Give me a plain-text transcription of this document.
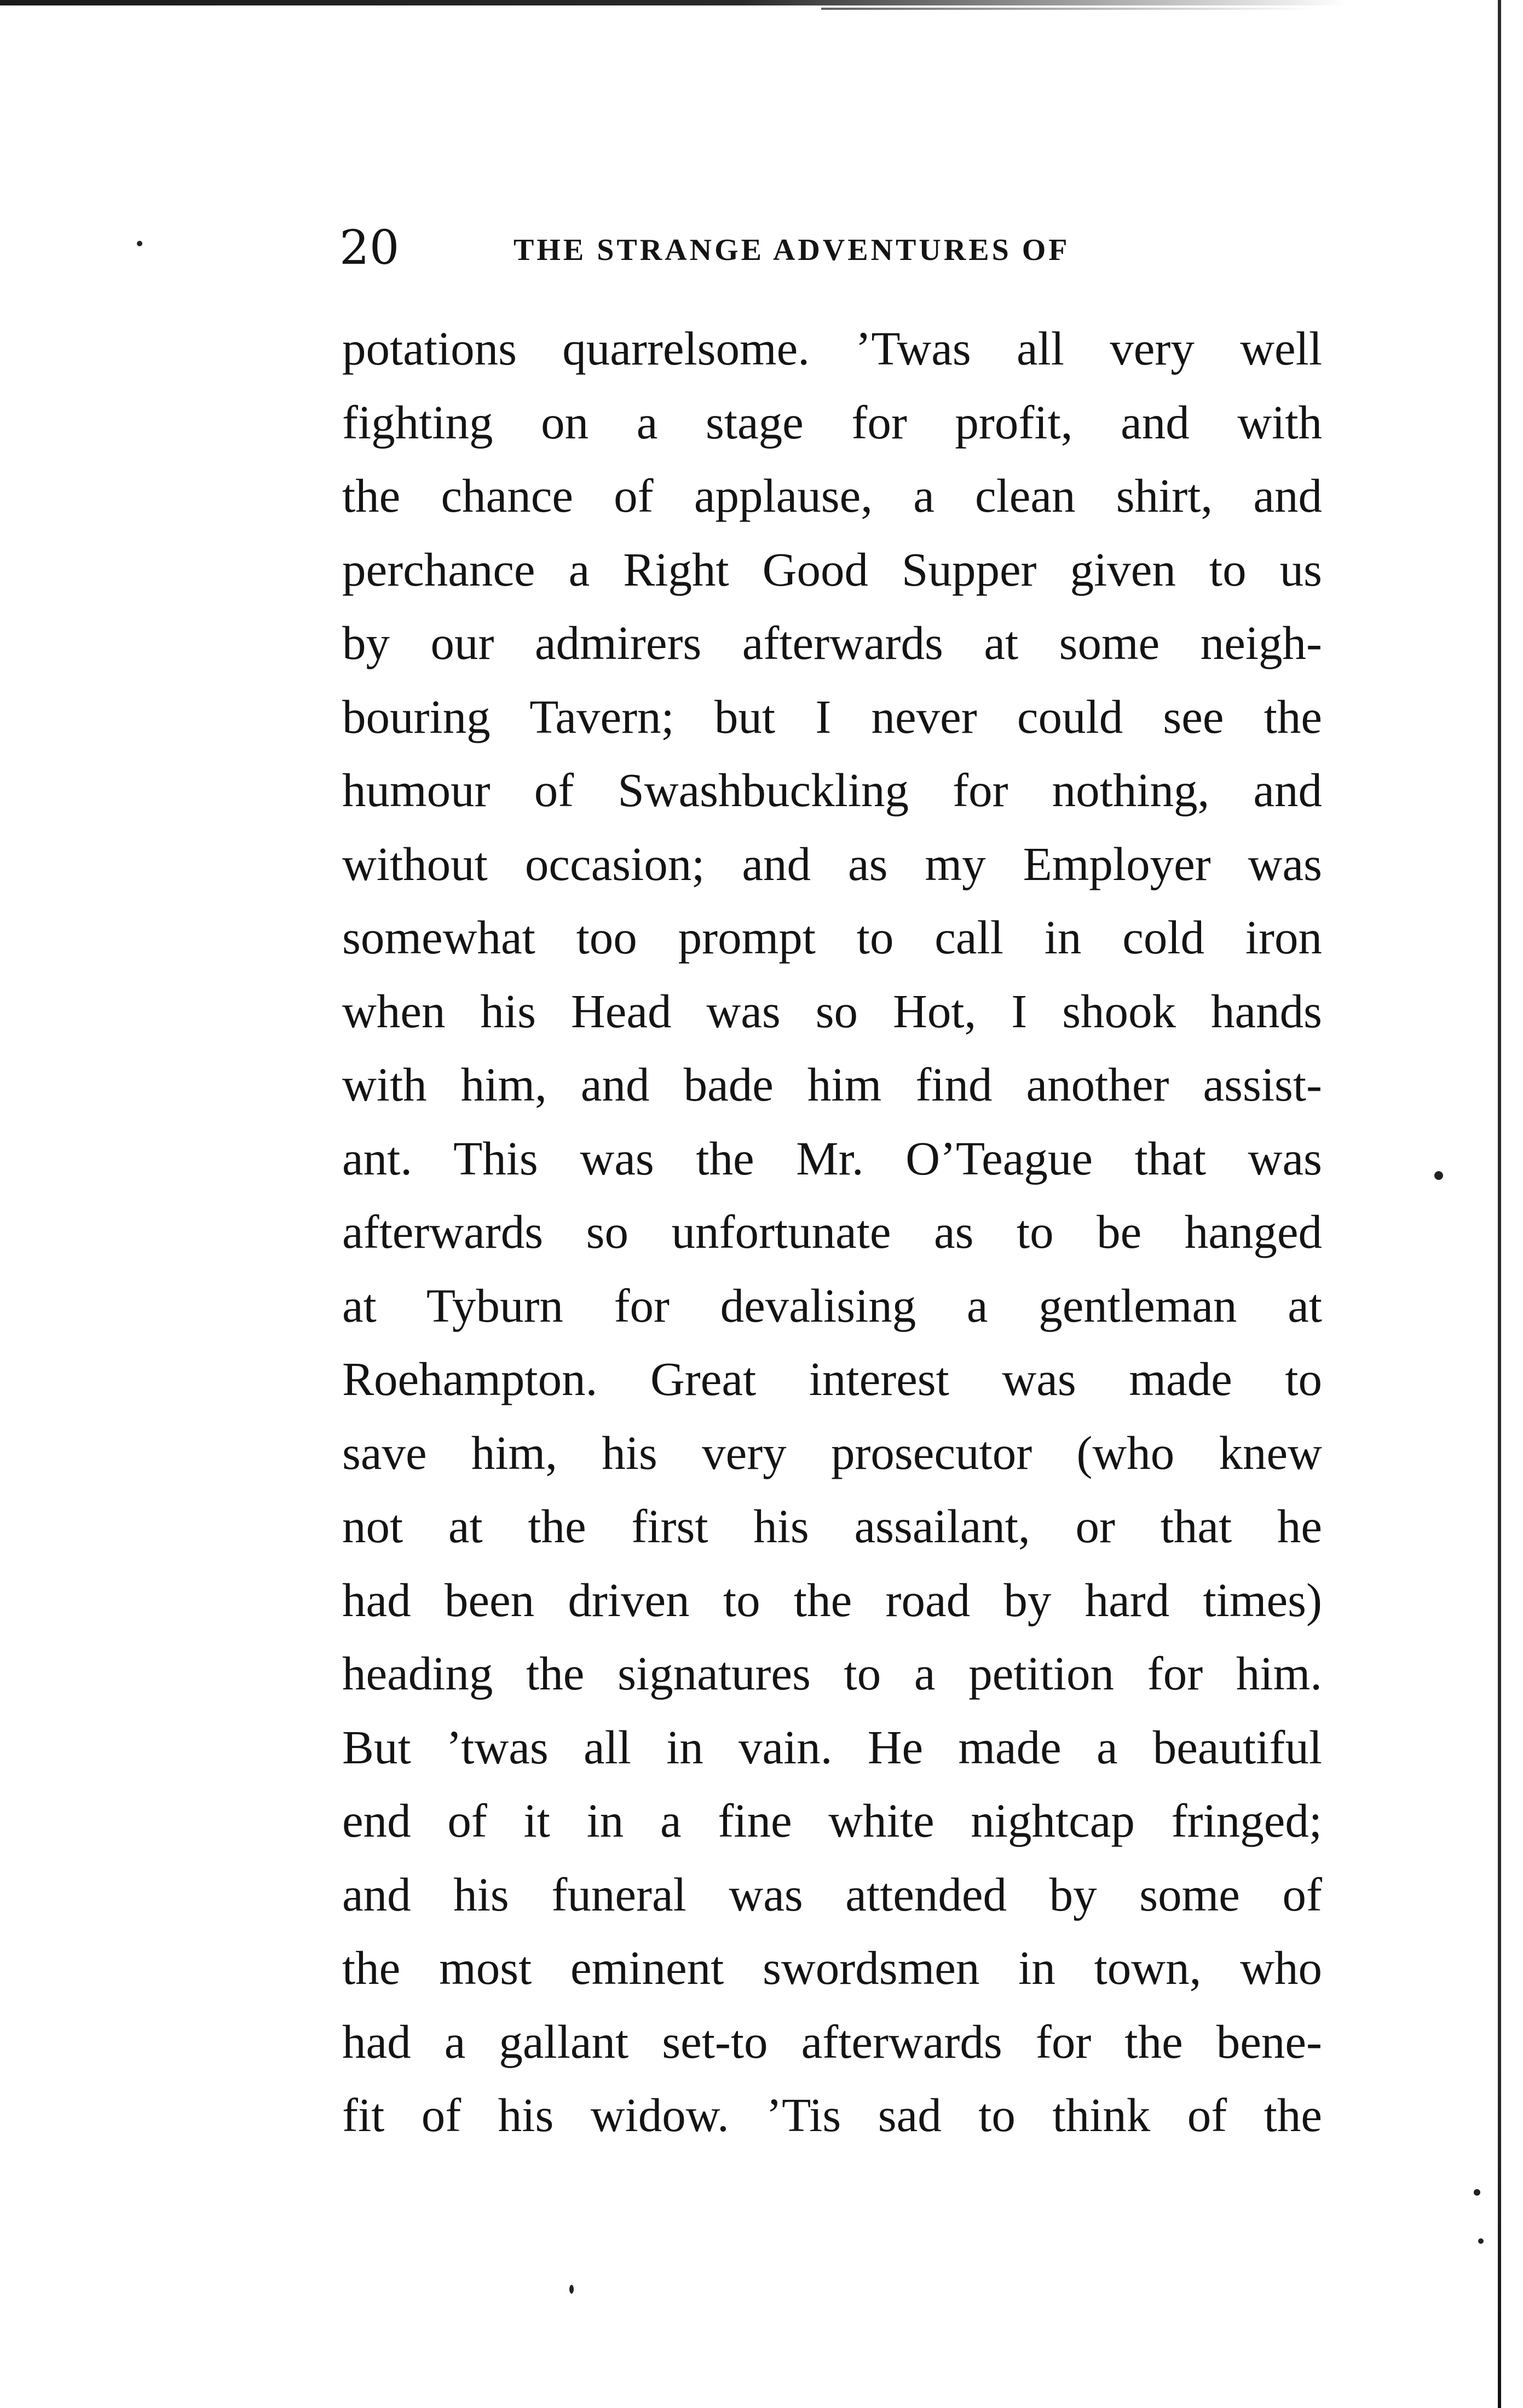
20	THE STRANGE ADVENTURES OF
potations quarrelsome. ’Twas all very well
fighting on a stage for profit, and with
the chance of applause, a clean shirt, and
perchance a Right Good Supper given to us
by our admirers afterwards at some neigh-
bouring Tavern; but I never could see the
humour of Swashbuckling for nothing, and
without occasion; and as my Employer was
somewhat too prompt to call in cold iron
when his Head was so Hot, I shook hands
with him, and bade him find another assist-
ant. This was the Mr. O’Teague that was
afterwards so unfortunate as to be hanged
at Tyburn for devalising a gentleman at
Roehampton. Great interest was made to
save him, his very prosecutor (who knew
not at the first his assailant, or that he
had been driven to the road by hard times)
heading the signatures to a petition for him.
But ’twas all in vain. He made a beautiful
end of it in a fine white nightcap fringed;
and his funeral was attended by some of
the most eminent swordsmen in town, who
had a gallant set-to afterwards for the bene-
fit of his widow. ’Tis sad to think of the
